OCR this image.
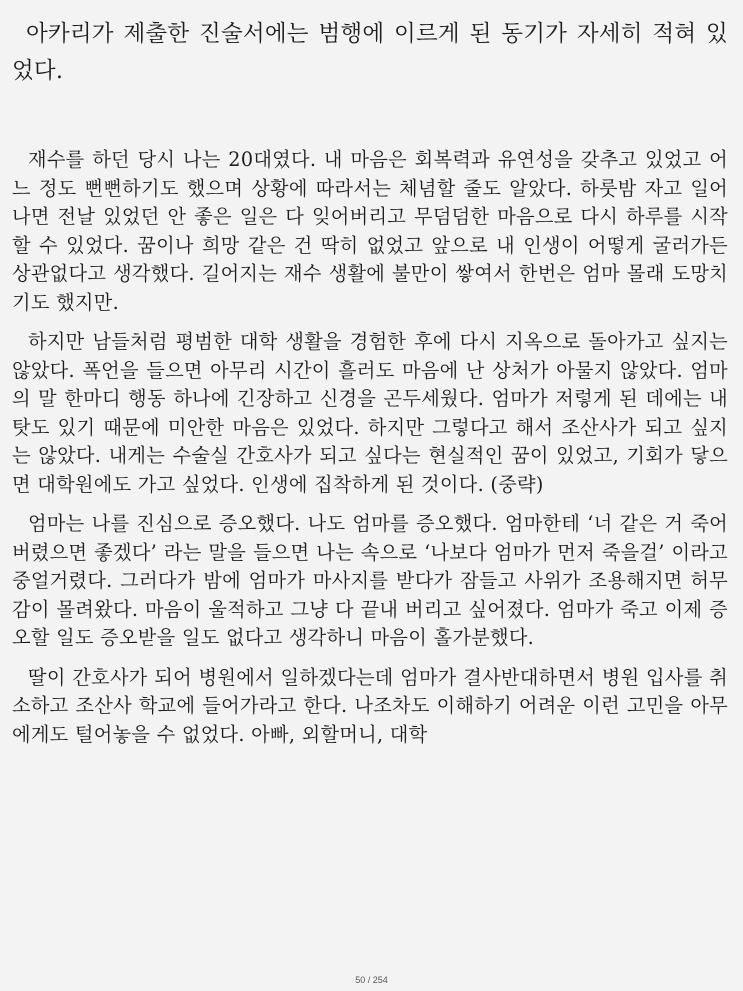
아카리가 제출한 진술서에는 범행에 이르게 된 동기가 자세히 적혀 있었다.

재수를 하던 당시 나는 20대였다. 내 마음은 회복력과 유연성을 갖추고 있었고 어느 정도 뻔뻔하기도 했으며 상황에 따라서는 체념할 줄도 알았다. 하룻밤 자고 일어나면 전날 있었던 안 좋은 일은 다 잊어버리고 무덤덤한 마음으로 다시 하루를 시작할 수 있었다. 꿈이나 희망 같은 건 딱히 없었고 앞으로 내 인생이 어떻게 굴러가든 상관없다고 생각했다. 길어지는 재수 생활에 불만이 쌓여서 한번은 엄마 몰래 도망치기도 했지만.

하지만 남들처럼 평범한 대학 생활을 경험한 후에 다시 지옥으로 돌아가고 싶지는 않았다. 폭언을 들으면 아무리 시간이 흘러도 마음에 난 상처가 아물지 않았다. 엄마의 말 한마디 행동 하나에 긴장하고 신경을 곤두세웠다. 엄마가 저렇게 된 데에는 내 탓도 있기 때문에 미안한 마음은 있었다. 하지만 그렇다고 해서 조산사가 되고 싶지는 않았다. 내게는 수술실 간호사가 되고 싶다는 현실적인 꿈이 있었고, 기회가 닿으면 대학원에도 가고 싶었다. 인생에 집착하게 된 것이다. (중략)

엄마는 나를 진심으로 증오했다. 나도 엄마를 증오했다. 엄마한테 ‘너 같은 거 죽어 버렸으면 좋겠다’ 라는 말을 들으면 나는 속으로 ‘나보다 엄마가 먼저 죽을걸’ 이라고 중얼거렸다. 그러다가 밤에 엄마가 마사지를 받다가 잠들고 사위가 조용해지면 허무감이 몰려왔다. 마음이 울적하고 그냥 다 끝내 버리고 싶어졌다. 엄마가 죽고 이제 증오할 일도 증오받을 일도 없다고 생각하니 마음이 홀가분했다.

딸이 간호사가 되어 병원에서 일하겠다는데 엄마가 결사반대하면서 병원 입사를 취소하고 조산사 학교에 들어가라고 한다. 나조차도 이해하기 어려운 이런 고민을 아무에게도 털어놓을 수 없었다. 아빠, 외할머니, 대학

50 / 254
